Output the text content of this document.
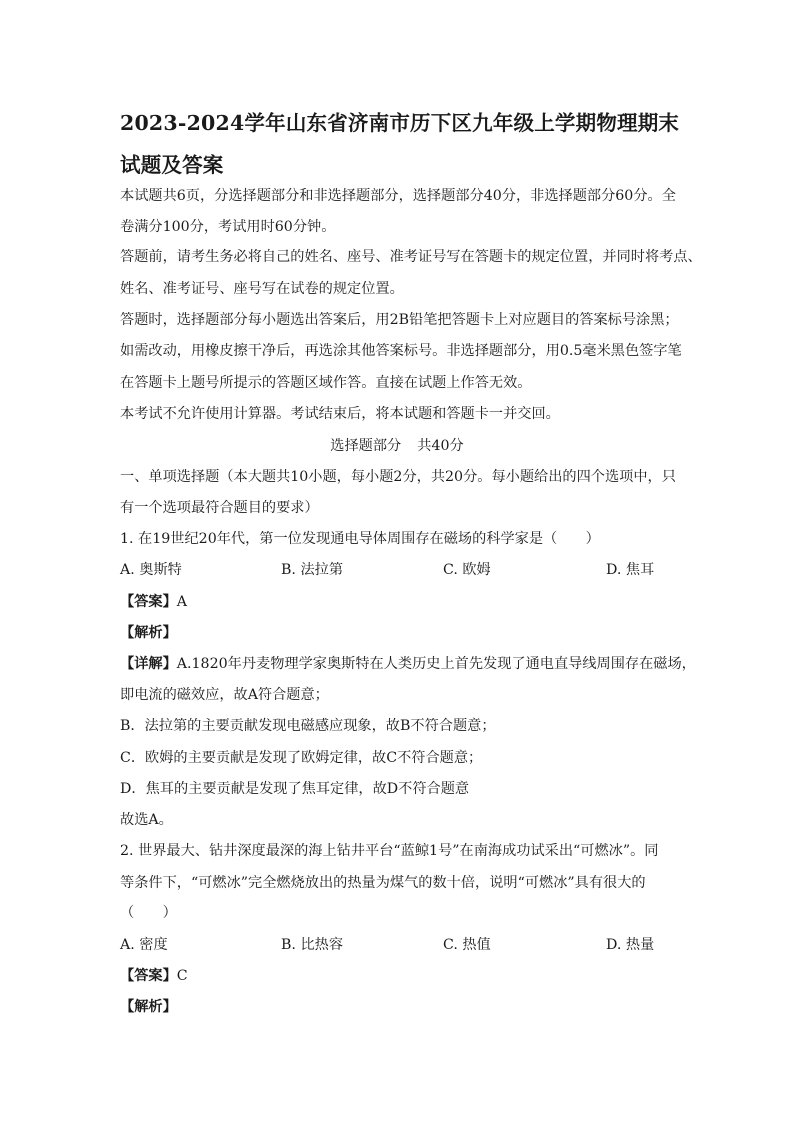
2023-2024学年山东省济南市历下区九年级上学期物理期末
试题及答案
本试题共6页，分选择题部分和非选择题部分，选择题部分40分，非选择题部分60分。全
卷满分100分，考试用时60分钟。
答题前，请考生务必将自己的姓名、座号、准考证号写在答题卡的规定位置，并同时将考点、
姓名、准考证号、座号写在试卷的规定位置。
答题时，选择题部分每小题选出答案后，用2B铅笔把答题卡上对应题目的答案标号涂黑；
如需改动，用橡皮擦干净后，再选涂其他答案标号。非选择题部分，用0.5毫米黑色签字笔
在答题卡上题号所提示的答题区域作答。直接在试题上作答无效。
本考试不允许使用计算器。考试结束后，将本试题和答题卡一并交回。
选择题部分 共40分
一、单项选择题（本大题共10小题，每小题2分，共20分。每小题给出的四个选项中，只
有一个选项最符合题目的要求）
1. 在19世纪20年代，第一位发现通电导体周围存在磁场的科学家是（　　）
A. 奥斯特	B. 法拉第	C. 欧姆	D. 焦耳
【答案】A
【解析】
【详解】A.1820年丹麦物理学家奥斯特在人类历史上首先发现了通电直导线周围存在磁场，
即电流的磁效应，故A符合题意；
B．法拉第的主要贡献发现电磁感应现象，故B不符合题意；
C．欧姆的主要贡献是发现了欧姆定律，故C不符合题意；
D．焦耳的主要贡献是发现了焦耳定律，故D不符合题意
故选A。
2. 世界最大、钻井深度最深的海上钻井平台“蓝鲸1号”在南海成功试采出“可燃冰”。同
等条件下，“可燃冰”完全燃烧放出的热量为煤气的数十倍，说明“可燃冰”具有很大的
（　　）
A. 密度	B. 比热容	C. 热值	D. 热量
【答案】C
【解析】
